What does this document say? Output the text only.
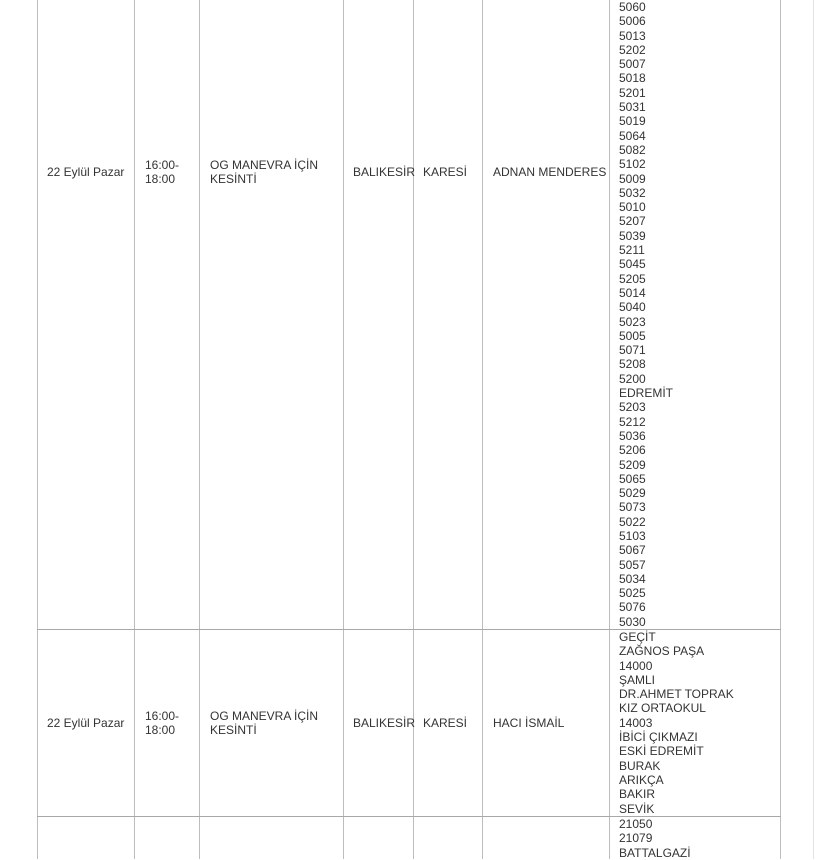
22 Eylül Pazar 16:00-
18:00
OG MANEVRA İÇİN
KESİNTİ
BALIKESİR KARESİ ADNAN MENDERES
5060
5006
5013
5202
5007
5018
5201
5031
5019
5064
5082
5102
5009
5032
5010
5207
5039
5211
5045
5205
5014
5040
5023
5005
5071
5208
5200
EDREMİT
5203
5212
5036
5206
5209
5065
5029
5073
5022
5103
5067
5057
5034
5025
5076
5030
22 Eylül Pazar 16:00-
18:00
OG MANEVRA İÇİN
KESİNTİ
BALIKESİR KARESİ HACI İSMAİL
GEÇİT
ZAĞNOS PAŞA
14000
ŞAMLI
DR.AHMET TOPRAK
KIZ ORTAOKUL
14003
İBİCİ ÇIKMAZI
ESKİ EDREMİT
BURAK
ARIKÇA
BAKIR
SEVİK
21050
21079
BATTALGAZİ
